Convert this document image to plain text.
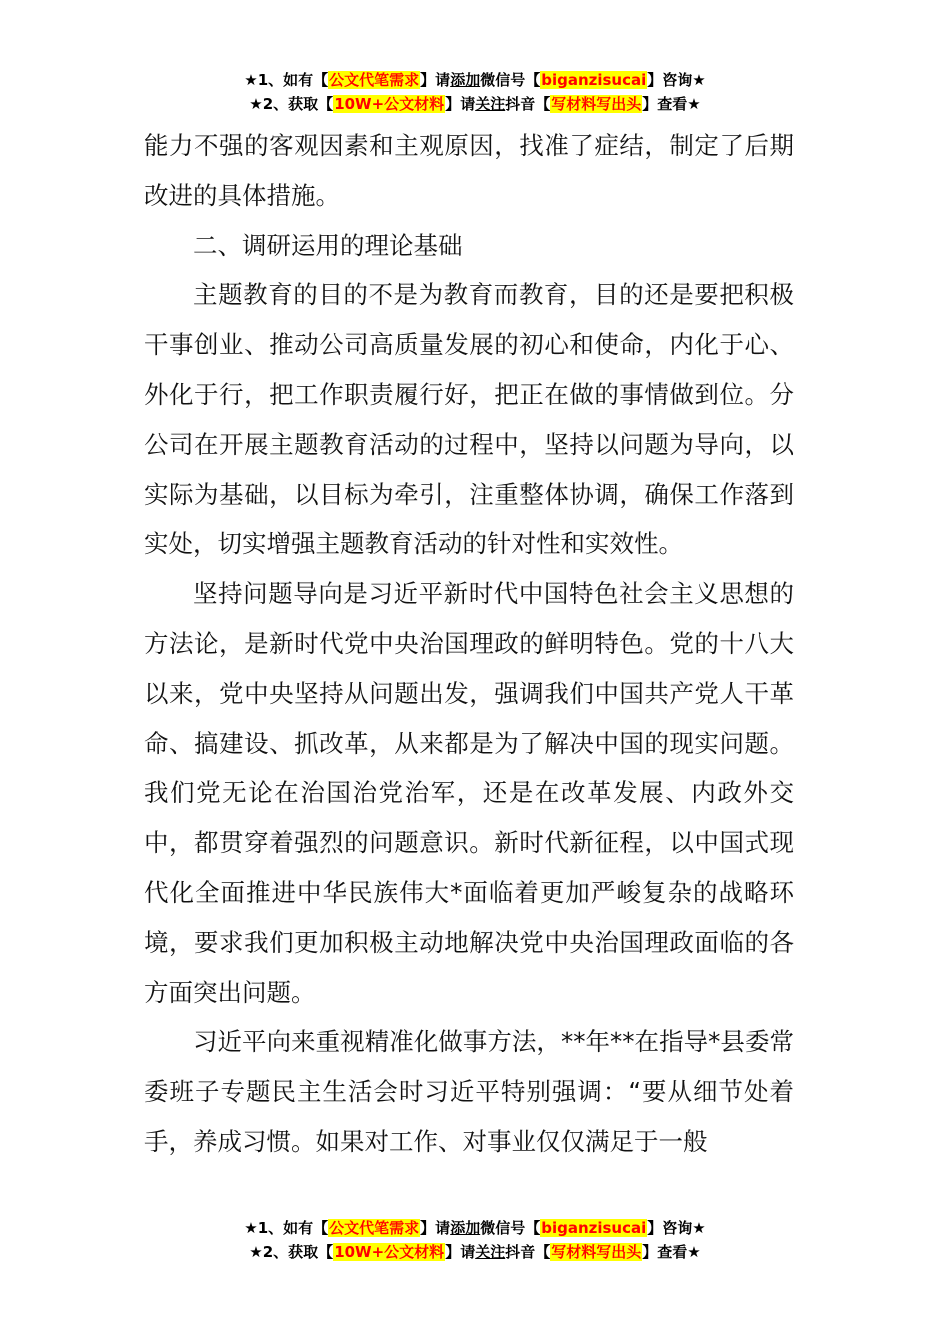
★1、如有【公文代笔需求】请添加微信号【biganzisucai】咨询★
★2、获取【10W+公文材料】请关注抖音【写材料写出头】查看★

能力不强的客观因素和主观原因，找准了症结，制定了后期改进的具体措施。

二、调研运用的理论基础

主题教育的目的不是为教育而教育，目的还是要把积极干事创业、推动公司高质量发展的初心和使命，内化于心、外化于行，把工作职责履行好，把正在做的事情做到位。分公司在开展主题教育活动的过程中，坚持以问题为导向，以实际为基础，以目标为牵引，注重整体协调，确保工作落到实处，切实增强主题教育活动的针对性和实效性。

坚持问题导向是习近平新时代中国特色社会主义思想的方法论，是新时代党中央治国理政的鲜明特色。党的十八大以来，党中央坚持从问题出发，强调我们中国共产党人干革命、搞建设、抓改革，从来都是为了解决中国的现实问题。我们党无论在治国治党治军，还是在改革发展、内政外交中，都贯穿着强烈的问题意识。新时代新征程，以中国式现代化全面推进中华民族伟大*面临着更加严峻复杂的战略环境，要求我们更加积极主动地解决党中央治国理政面临的各方面突出问题。

习近平向来重视精准化做事方法，**年**在指导*县委常委班子专题民主生活会时习近平特别强调：“要从细节处着手，养成习惯。如果对工作、对事业仅仅满足于一般

★1、如有【公文代笔需求】请添加微信号【biganzisucai】咨询★
★2、获取【10W+公文材料】请关注抖音【写材料写出头】查看★
